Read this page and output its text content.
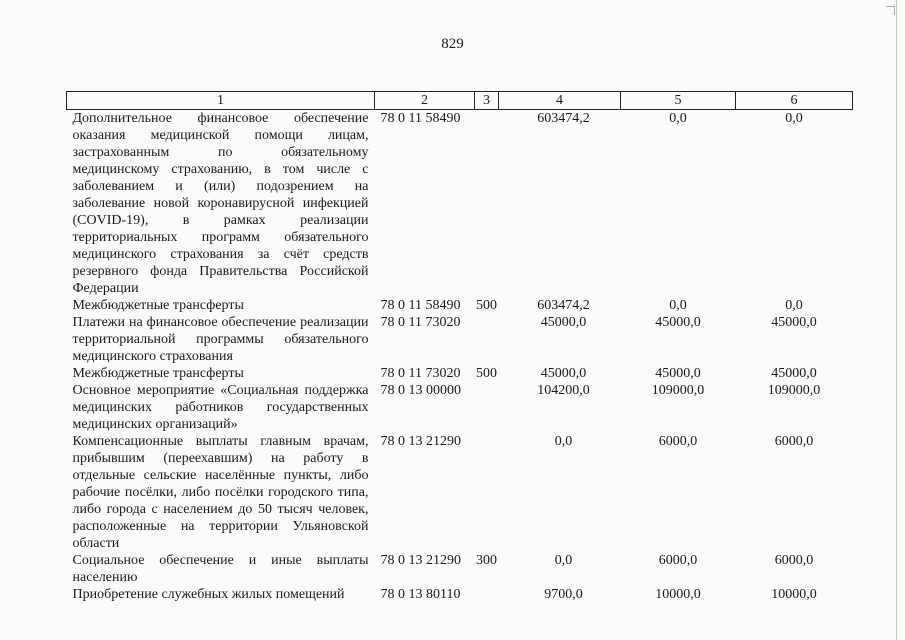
829
1	2	3	4	5	6
Дополнительное финансовое обеспечение оказания медицинской помощи лицам, застрахованным по обязательному медицинскому страхованию, в том числе с заболеванием и (или) подозрением на заболевание новой коронавирусной инфекцией (COVID-19), в рамках реализации территориальных программ обязательного медицинского страхования за счёт средств резервного фонда Правительства Российской Федерации	78 0 11 58490		603474,2	0,0	0,0
Межбюджетные трансферты	78 0 11 58490	500	603474,2	0,0	0,0
Платежи на финансовое обеспечение реализации территориальной программы обязательного медицинского страхования	78 0 11 73020		45000,0	45000,0	45000,0
Межбюджетные трансферты	78 0 11 73020	500	45000,0	45000,0	45000,0
Основное мероприятие «Социальная поддержка медицинских работников государственных медицинских организаций»	78 0 13 00000		104200,0	109000,0	109000,0
Компенсационные выплаты главным врачам, прибывшим (переехавшим) на работу в отдельные сельские населённые пункты, либо рабочие посёлки, либо посёлки городского типа, либо города с населением до 50 тысяч человек, расположенные на территории Ульяновской области	78 0 13 21290		0,0	6000,0	6000,0
Социальное обеспечение и иные выплаты населению	78 0 13 21290	300	0,0	6000,0	6000,0
Приобретение служебных жилых помещений	78 0 13 80110		9700,0	10000,0	10000,0
